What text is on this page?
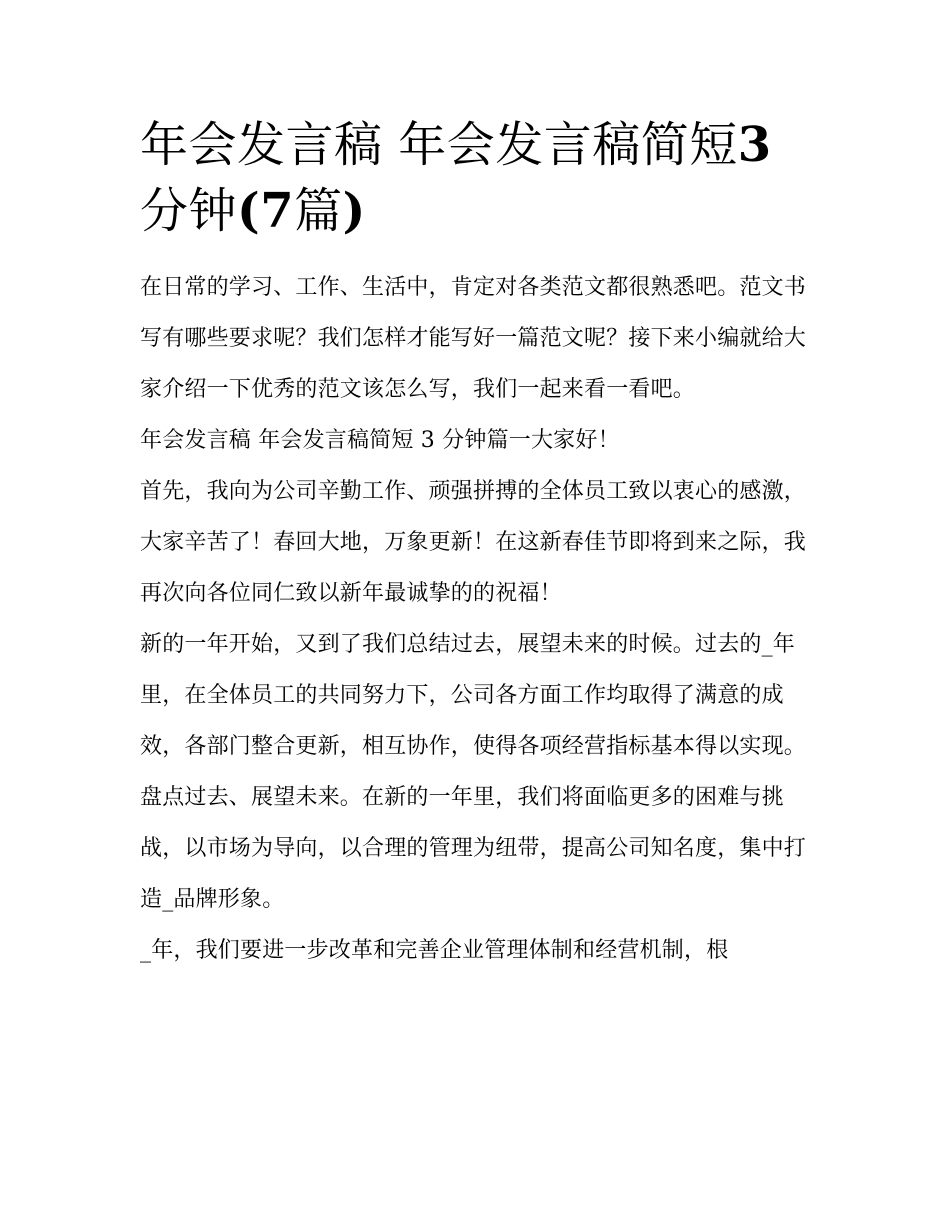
年会发言稿 年会发言稿简短3
分钟(7篇)

在日常的学习、工作、生活中，肯定对各类范文都很熟悉吧。范文书写有哪些要求呢？我们怎样才能写好一篇范文呢？接下来小编就给大家介绍一下优秀的范文该怎么写，我们一起来看一看吧。

年会发言稿 年会发言稿简短 3 分钟篇一大家好！

首先，我向为公司辛勤工作、顽强拼搏的全体员工致以衷心的感激，大家辛苦了！春回大地，万象更新！在这新春佳节即将到来之际，我再次向各位同仁致以新年最诚挚的的祝福！

新的一年开始，又到了我们总结过去，展望未来的时候。过去的_年里，在全体员工的共同努力下，公司各方面工作均取得了满意的成效，各部门整合更新，相互协作，使得各项经营指标基本得以实现。

盘点过去、展望未来。在新的一年里，我们将面临更多的困难与挑战，以市场为导向，以合理的管理为纽带，提高公司知名度，集中打造_品牌形象。

_年，我们要进一步改革和完善企业管理体制和经营机制，根
